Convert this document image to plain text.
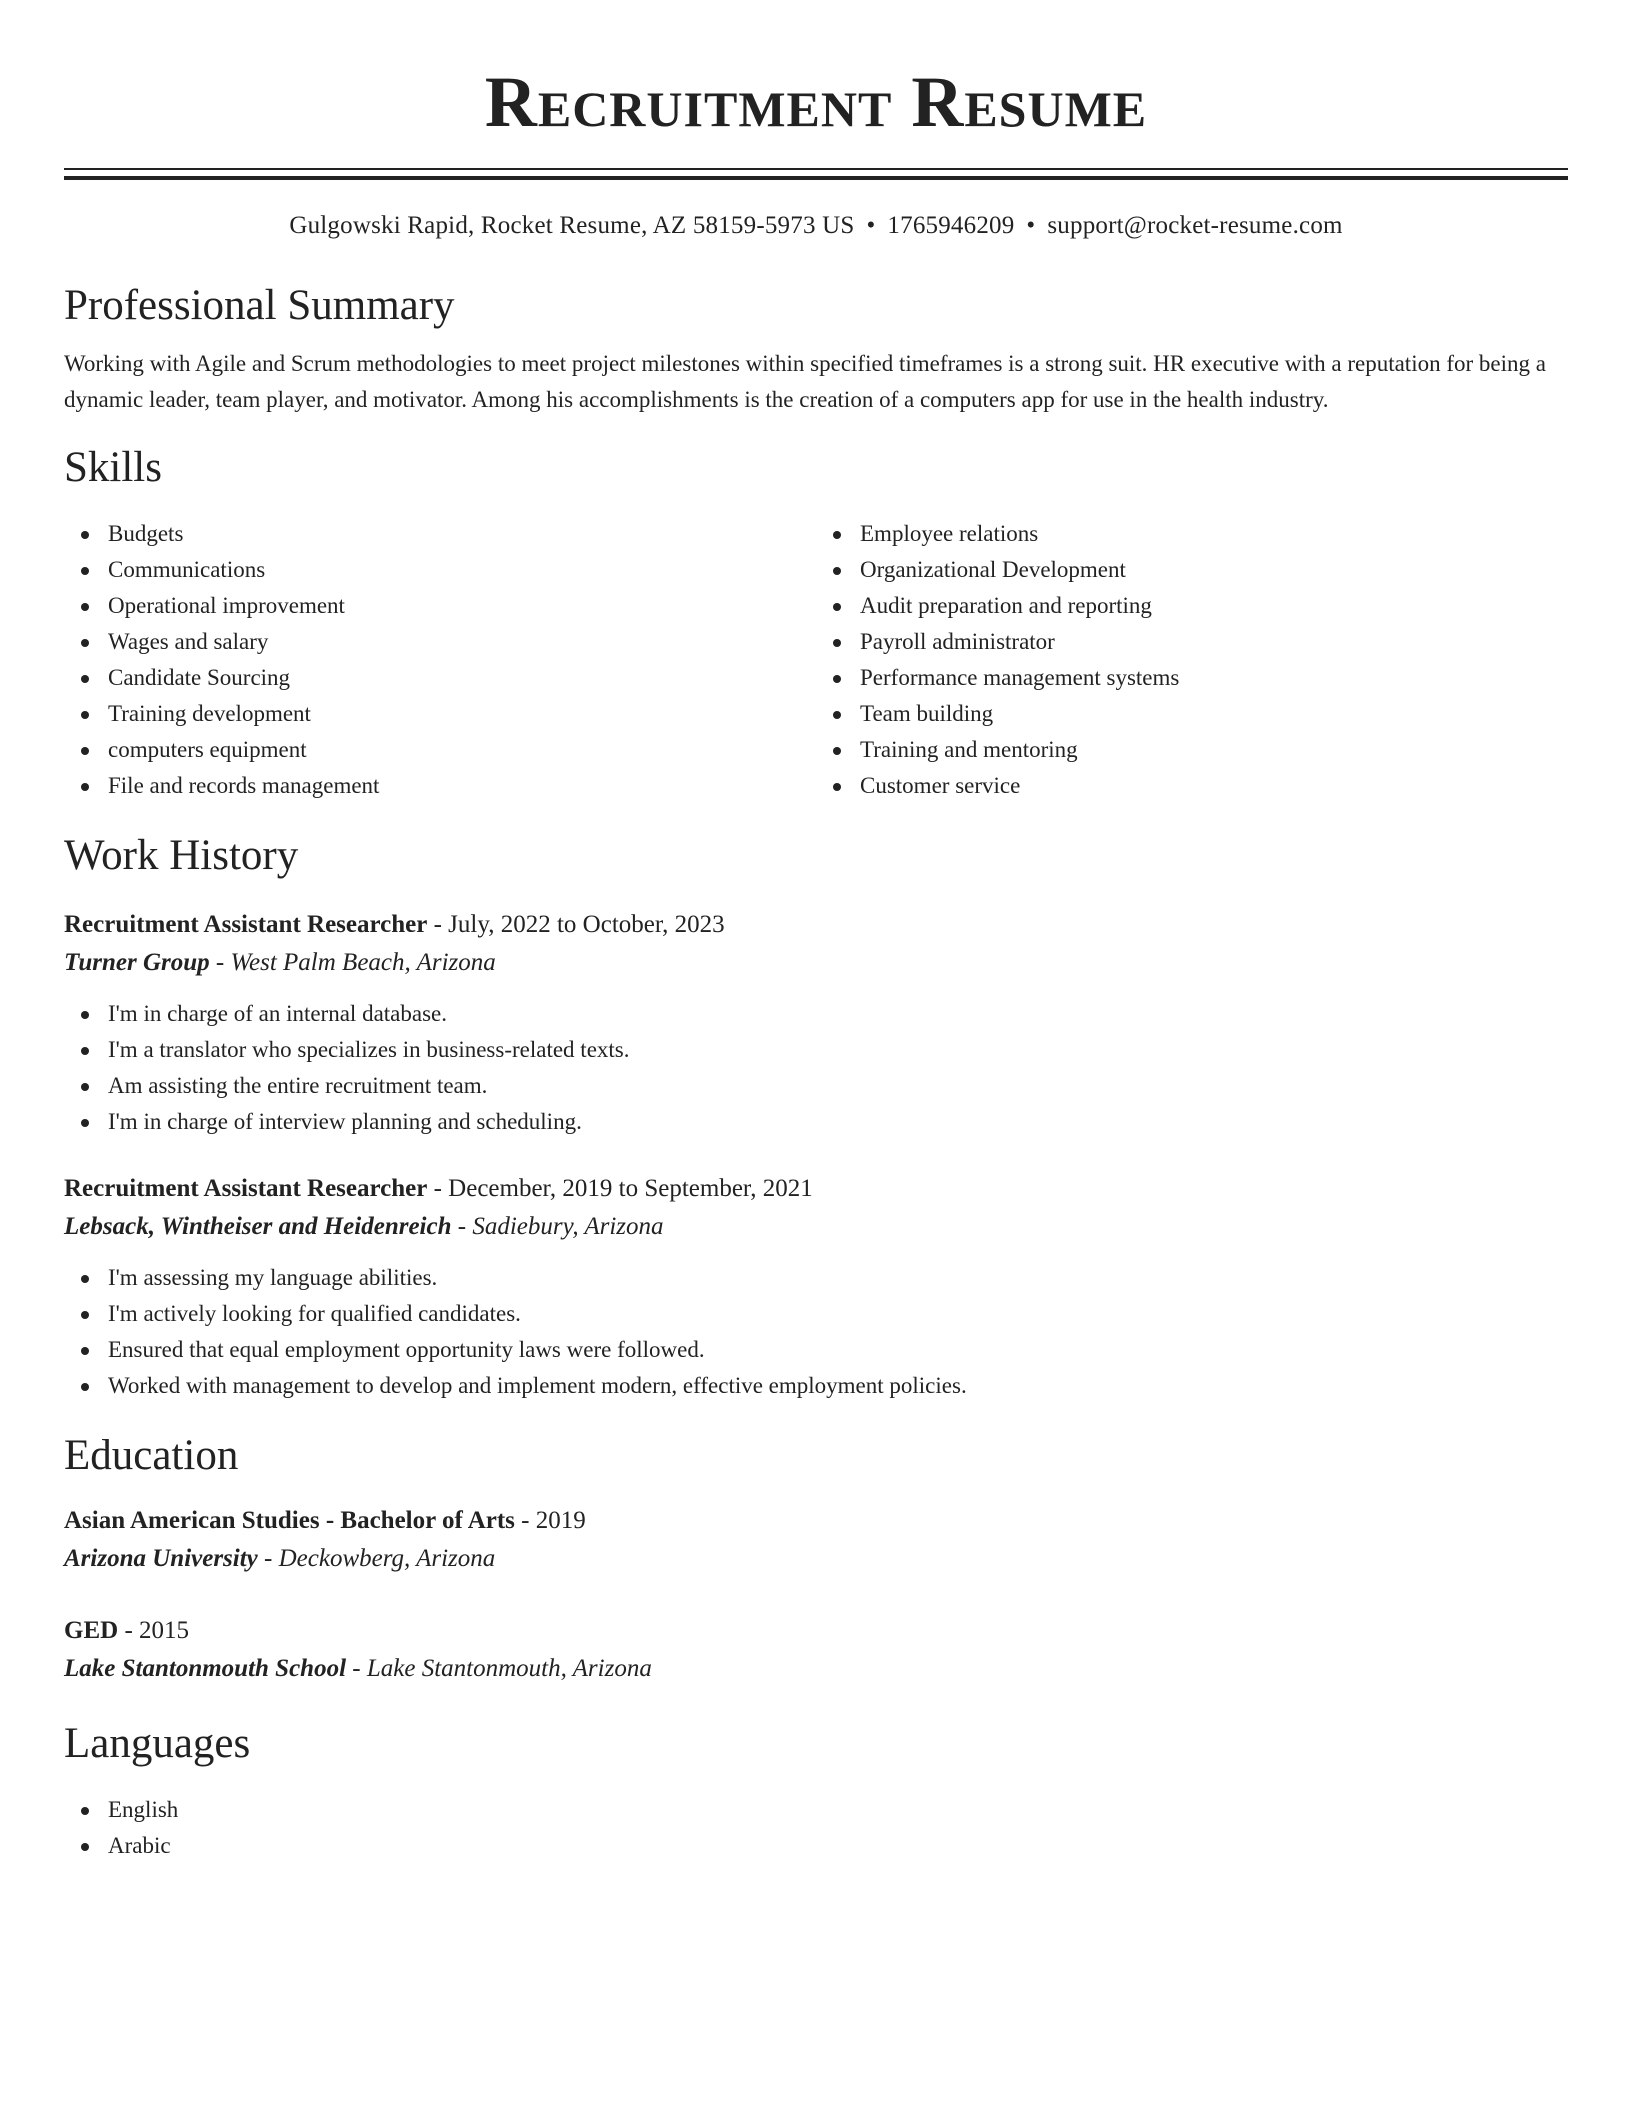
Recruitment Resume
Gulgowski Rapid, Rocket Resume, AZ 58159-5973 US • 1765946209 • support@rocket-resume.com
Professional Summary

Working with Agile and Scrum methodologies to meet project milestones within specified timeframes is a strong suit. HR executive with a reputation for being a dynamic leader, team player, and motivator. Among his accomplishments is the creation of a computers app for use in the health industry.

Skills
Budgets
Communications
Operational improvement
Wages and salary
Candidate Sourcing
Training development
computers equipment
File and records management
Employee relations
Organizational Development
Audit preparation and reporting
Payroll administrator
Performance management systems
Team building
Training and mentoring
Customer service
Work History
Recruitment Assistant Researcher - July, 2022 to October, 2023
Turner Group - West Palm Beach, Arizona
I'm in charge of an internal database.
I'm a translator who specializes in business-related texts.
Am assisting the entire recruitment team.
I'm in charge of interview planning and scheduling.
Recruitment Assistant Researcher - December, 2019 to September, 2021
Lebsack, Wintheiser and Heidenreich - Sadiebury, Arizona
I'm assessing my language abilities.
I'm actively looking for qualified candidates.
Ensured that equal employment opportunity laws were followed.
Worked with management to develop and implement modern, effective employment policies.
Education
Asian American Studies - Bachelor of Arts - 2019
Arizona University - Deckowberg, Arizona
GED - 2015
Lake Stantonmouth School - Lake Stantonmouth, Arizona
Languages
English
Arabic
